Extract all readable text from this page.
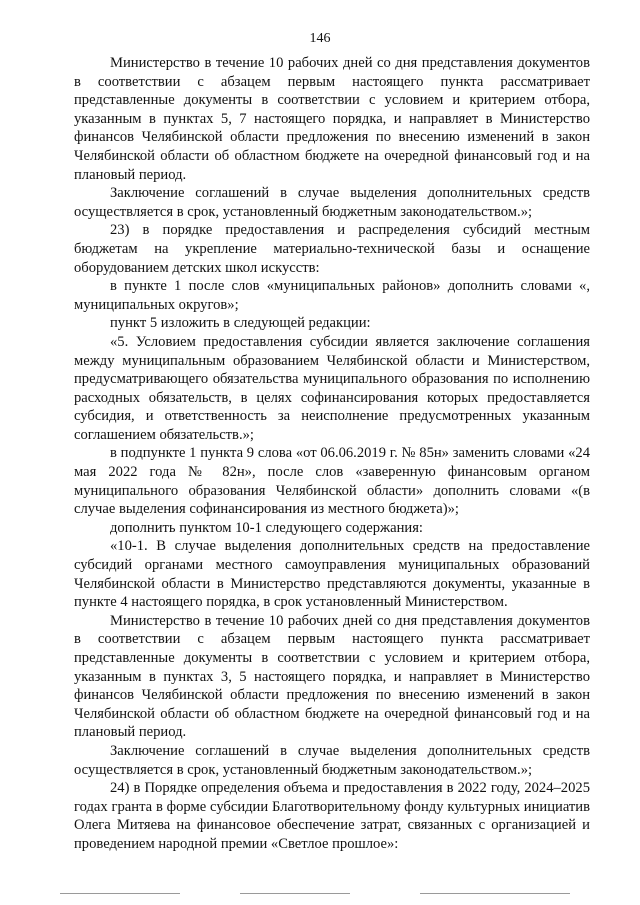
146

Министерство в течение 10 рабочих дней со дня представления документов в соответствии с абзацем первым настоящего пункта рассматривает представленные документы в соответствии с условием и критерием отбора, указанным в пунктах 5, 7 настоящего порядка, и направляет в Министерство финансов Челябинской области предложения по внесению изменений в закон Челябинской области об областном бюджете на очередной финансовый год и на плановый период.

Заключение соглашений в случае выделения дополнительных средств осуществляется в срок, установленный бюджетным законодательством.»;

23) в порядке предоставления и распределения субсидий местным бюджетам на укрепление материально-технической базы и оснащение оборудованием детских школ искусств:

в пункте 1 после слов «муниципальных районов» дополнить словами «, муниципальных округов»;

пункт 5 изложить в следующей редакции:

«5. Условием предоставления субсидии является заключение соглашения между муниципальным образованием Челябинской области и Министерством, предусматривающего обязательства муниципального образования по исполнению расходных обязательств, в целях софинансирования которых предоставляется субсидия, и ответственность за неисполнение предусмотренных указанным соглашением обязательств.»;

в подпункте 1 пункта 9 слова «от 06.06.2019 г. № 85н» заменить словами «24 мая 2022 года № 82н», после слов «заверенную финансовым органом муниципального образования Челябинской области» дополнить словами «(в случае выделения софинансирования из местного бюджета)»;

дополнить пунктом 10-1 следующего содержания:

«10-1. В случае выделения дополнительных средств на предоставление субсидий органами местного самоуправления муниципальных образований Челябинской области в Министерство представляются документы, указанные в пункте 4 настоящего порядка, в срок установленный Министерством.

Министерство в течение 10 рабочих дней со дня представления документов в соответствии с абзацем первым настоящего пункта рассматривает представленные документы в соответствии с условием и критерием отбора, указанным в пунктах 3, 5 настоящего порядка, и направляет в Министерство финансов Челябинской области предложения по внесению изменений в закон Челябинской области об областном бюджете на очередной финансовый год и на плановый период.

Заключение соглашений в случае выделения дополнительных средств осуществляется в срок, установленный бюджетным законодательством.»;

24) в Порядке определения объема и предоставления в 2022 году, 2024–2025 годах гранта в форме субсидии Благотворительному фонду культурных инициатив Олега Митяева на финансовое обеспечение затрат, связанных с организацией и проведением народной премии «Светлое прошлое»:
